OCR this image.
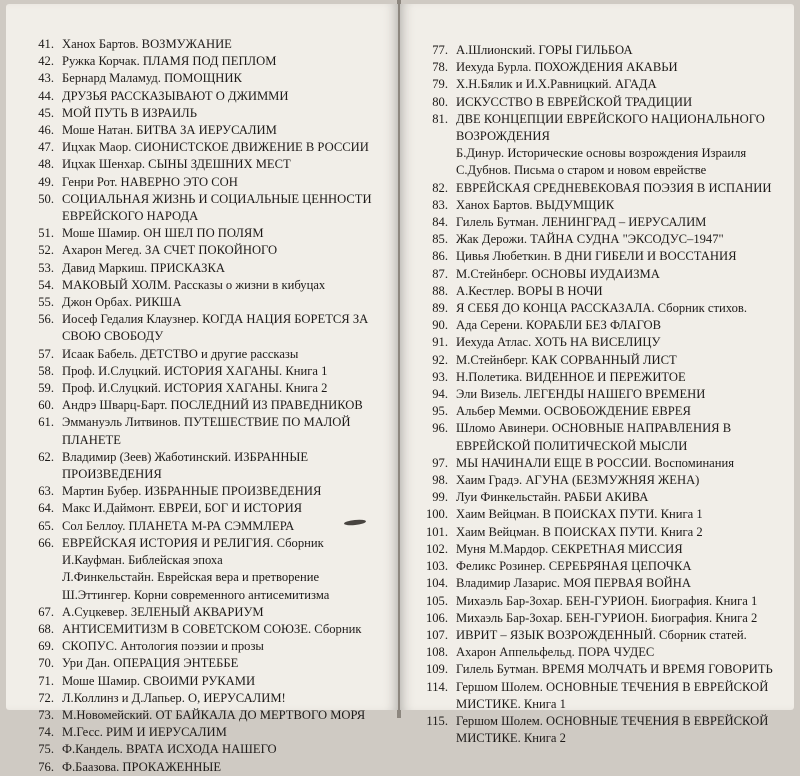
41. Ханох Бартов. ВОЗМУЖАНИЕ
42. Ружка Корчак. ПЛАМЯ ПОД ПЕПЛОМ
43. Бернард Маламуд. ПОМОЩНИК
44. ДРУЗЬЯ РАССКАЗЫВАЮТ О ДЖИММИ
45. МОЙ ПУТЬ В ИЗРАИЛЬ
46. Моше Натан. БИТВА ЗА ИЕРУСАЛИМ
47. Ицхак Маор. СИОНИСТСКОЕ ДВИЖЕНИЕ В РОССИИ
48. Ицхак Шенхар. СЫНЫ ЗДЕШНИХ МЕСТ
49. Генри Рот. НАВЕРНО ЭТО СОН
50. СОЦИАЛЬНАЯ ЖИЗНЬ И СОЦИАЛЬНЫЕ ЦЕННОСТИ ЕВРЕЙСКОГО НАРОДА
51. Моше Шамир. ОН ШЕЛ ПО ПОЛЯМ
52. Ахарон Мегед. ЗА СЧЕТ ПОКОЙНОГО
53. Давид Маркиш. ПРИСКАЗКА
54. МАКОВЫЙ ХОЛМ. Рассказы о жизни в кибуцах
55. Джон Орбах. РИКША
56. Иосеф Гедалия Клаузнер. КОГДА НАЦИЯ БОРЕТСЯ ЗА СВОЮ СВОБОДУ
57. Исаак Бабель. ДЕТСТВО и другие рассказы
58. Проф. И.Слуцкий. ИСТОРИЯ ХАГАНЫ. Книга 1
59. Проф. И.Слуцкий. ИСТОРИЯ ХАГАНЫ. Книга 2
60. Андрэ Шварц-Барт. ПОСЛЕДНИЙ ИЗ ПРАВЕДНИКОВ
61. Эммануэль Литвинов. ПУТЕШЕСТВИЕ ПО МАЛОЙ ПЛАНЕТЕ
62. Владимир (Зеев) Жаботинский. ИЗБРАННЫЕ ПРОИЗВЕДЕНИЯ
63. Мартин Бубер. ИЗБРАННЫЕ ПРОИЗВЕДЕНИЯ
64. Макс И.Даймонт. ЕВРЕИ, БОГ И ИСТОРИЯ
65. Сол Беллоу. ПЛАНЕТА М-РА СЭММЛЕРА
66. ЕВРЕЙСКАЯ ИСТОРИЯ И РЕЛИГИЯ. Сборник
И.Кауфман. Библейская эпоха
Л.Финкельстайн. Еврейская вера и претворение
Ш.Эттингер. Корни современного антисемитизма
67. А.Суцкевер. ЗЕЛЕНЫЙ АКВАРИУМ
68. АНТИСЕМИТИЗМ В СОВЕТСКОМ СОЮЗЕ. Сборник
69. СКОПУС. Антология поэзии и прозы
70. Ури Дан. ОПЕРАЦИЯ ЭНТЕББЕ
71. Моше Шамир. СВОИМИ РУКАМИ
72. Л.Коллинз и Д.Лапьер. О, ИЕРУСАЛИМ!
73. М.Новомейский. ОТ БАЙКАЛА ДО МЕРТВОГО МОРЯ
74. М.Гесс. РИМ И ИЕРУСАЛИМ
75. Ф.Кандель. ВРАТА ИСХОДА НАШЕГО
76. Ф.Баазова. ПРОКАЖЕННЫЕ
77. А.Шлионский. ГОРЫ ГИЛЬБОА
78. Иехуда Бурла. ПОХОЖДЕНИЯ АКАВЬИ
79. Х.Н.Бялик и И.Х.Равницкий. АГАДА
80. ИСКУССТВО В ЕВРЕЙСКОЙ ТРАДИЦИИ
81. ДВЕ КОНЦЕПЦИИ ЕВРЕЙСКОГО НАЦИОНАЛЬНОГО ВОЗРОЖДЕНИЯ
Б.Динур. Исторические основы возрождения Израиля
С.Дубнов. Письма о старом и новом еврействе
82. ЕВРЕЙСКАЯ СРЕДНЕВЕКОВАЯ ПОЭЗИЯ В ИСПАНИИ
83. Ханох Бартов. ВЫДУМЩИК
84. Гилель Бутман. ЛЕНИНГРАД – ИЕРУСАЛИМ
85. Жак Дерожи. ТАЙНА СУДНА "ЭКСОДУС–1947"
86. Цивья Любеткин. В ДНИ ГИБЕЛИ И ВОССТАНИЯ
87. М.Стейнберг. ОСНОВЫ ИУДАИЗМА
88. А.Кестлер. ВОРЫ В НОЧИ
89. Я СЕБЯ ДО КОНЦА РАССКАЗАЛА. Сборник стихов.
90. Ада Серени. КОРАБЛИ БЕЗ ФЛАГОВ
91. Иехуда Атлас. ХОТЬ НА ВИСЕЛИЦУ
92. М.Стейнберг. КАК СОРВАННЫЙ ЛИСТ
93. Н.Полетика. ВИДЕННОЕ И ПЕРЕЖИТОЕ
94. Эли Визель. ЛЕГЕНДЫ НАШЕГО ВРЕМЕНИ
95. Альбер Мемми. ОСВОБОЖДЕНИЕ ЕВРЕЯ
96. Шломо Авинери. ОСНОВНЫЕ НАПРАВЛЕНИЯ В ЕВРЕЙСКОЙ ПОЛИТИЧЕСКОЙ МЫСЛИ
97. МЫ НАЧИНАЛИ ЕЩЕ В РОССИИ. Воспоминания
98. Хаим Градэ. АГУНА (БЕЗМУЖНЯЯ ЖЕНА)
99. Луи Финкельстайн. РАББИ АКИВА
100. Хаим Вейцман. В ПОИСКАХ ПУТИ. Книга 1
101. Хаим Вейцман. В ПОИСКАХ ПУТИ. Книга 2
102. Муня М.Мардор. СЕКРЕТНАЯ МИССИЯ
103. Феликс Розинер. СЕРЕБРЯНАЯ ЦЕПОЧКА
104. Владимир Лазарис. МОЯ ПЕРВАЯ ВОЙНА
105. Михаэль Бар-Зохар. БЕН-ГУРИОН. Биография. Книга 1
106. Михаэль Бар-Зохар. БЕН-ГУРИОН. Биография. Книга 2
107. ИВРИТ – ЯЗЫК ВОЗРОЖДЕННЫЙ. Сборник статей.
108. Ахарон Аппельфельд. ПОРА ЧУДЕС
109. Гилель Бутман. ВРЕМЯ МОЛЧАТЬ И ВРЕМЯ ГОВОРИТЬ
114. Гершом Шолем. ОСНОВНЫЕ ТЕЧЕНИЯ В ЕВРЕЙСКОЙ МИСТИКЕ. Книга 1
115. Гершом Шолем. ОСНОВНЫЕ ТЕЧЕНИЯ В ЕВРЕЙСКОЙ МИСТИКЕ. Книга 2
